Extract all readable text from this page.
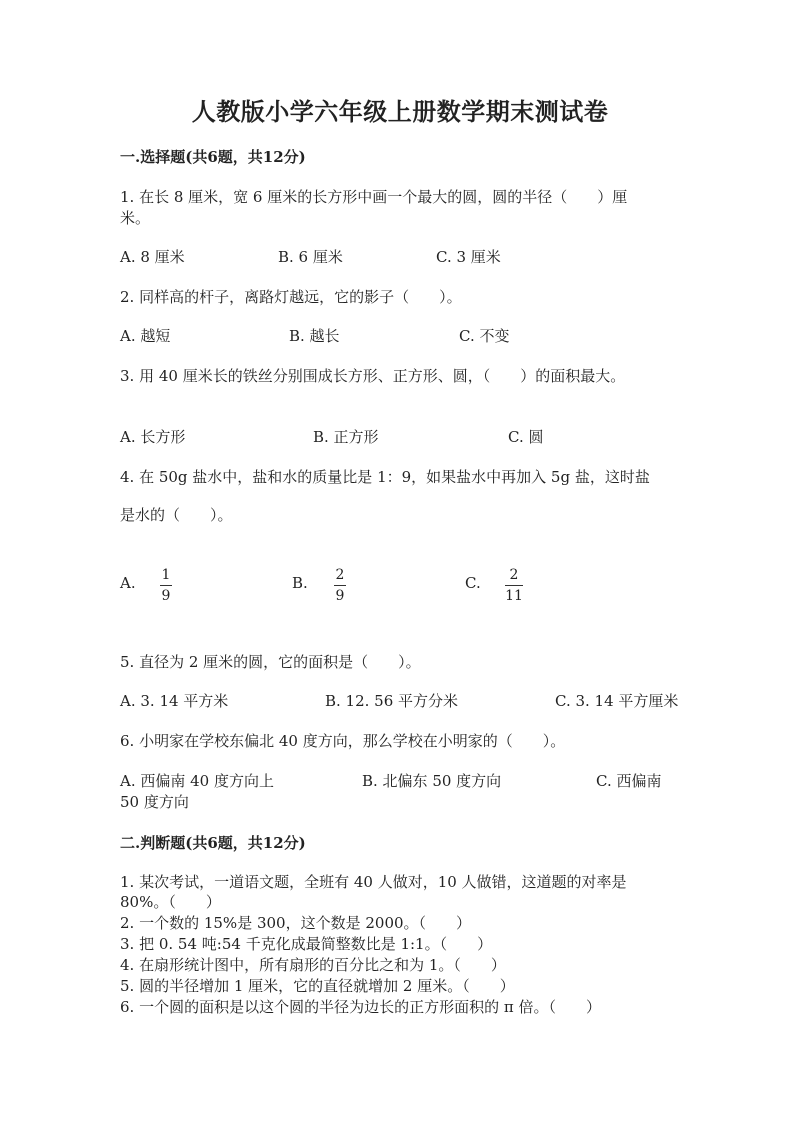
人教版小学六年级上册数学期末测试卷
一.选择题(共6题，共12分)
1. 在长 8 厘米，宽 6 厘米的长方形中画一个最大的圆，圆的半径（　　）厘
米。
A. 8 厘米	B. 6 厘米	C. 3 厘米
2. 同样高的杆子，离路灯越远，它的影子（　　）。
A. 越短	B. 越长	C. 不变
3. 用 40 厘米长的铁丝分别围成长方形、正方形、圆，（　　）的面积最大。
A. 长方形	B. 正方形	C. 圆
4. 在 50g 盐水中，盐和水的质量比是 1：9，如果盐水中再加入 5g 盐，这时盐
是水的（　　）。
A. 1
9
B. 2
9
C.	2
11
5. 直径为 2 厘米的圆，它的面积是（　　）。
A. 3. 14 平方米	B. 12. 56 平方分米	C. 3. 14 平方厘米
6. 小明家在学校东偏北 40 度方向，那么学校在小明家的（　　）。
A. 西偏南 40 度方向上	B. 北偏东 50 度方向	C. 西偏南
50 度方向
二.判断题(共6题，共12分)
1. 某次考试，一道语文题，全班有 40 人做对，10 人做错，这道题的对率是
80%。（　　）
2. 一个数的 15%是 300，这个数是 2000。（　　）
3. 把 0. 54 吨:54 千克化成最简整数比是 1:1。（　　）
4. 在扇形统计图中，所有扇形的百分比之和为 1。（　　）
5. 圆的半径增加 1 厘米，它的直径就增加 2 厘米。（　　）
6. 一个圆的面积是以这个圆的半径为边长的正方形面积的 π 倍。（　　）
